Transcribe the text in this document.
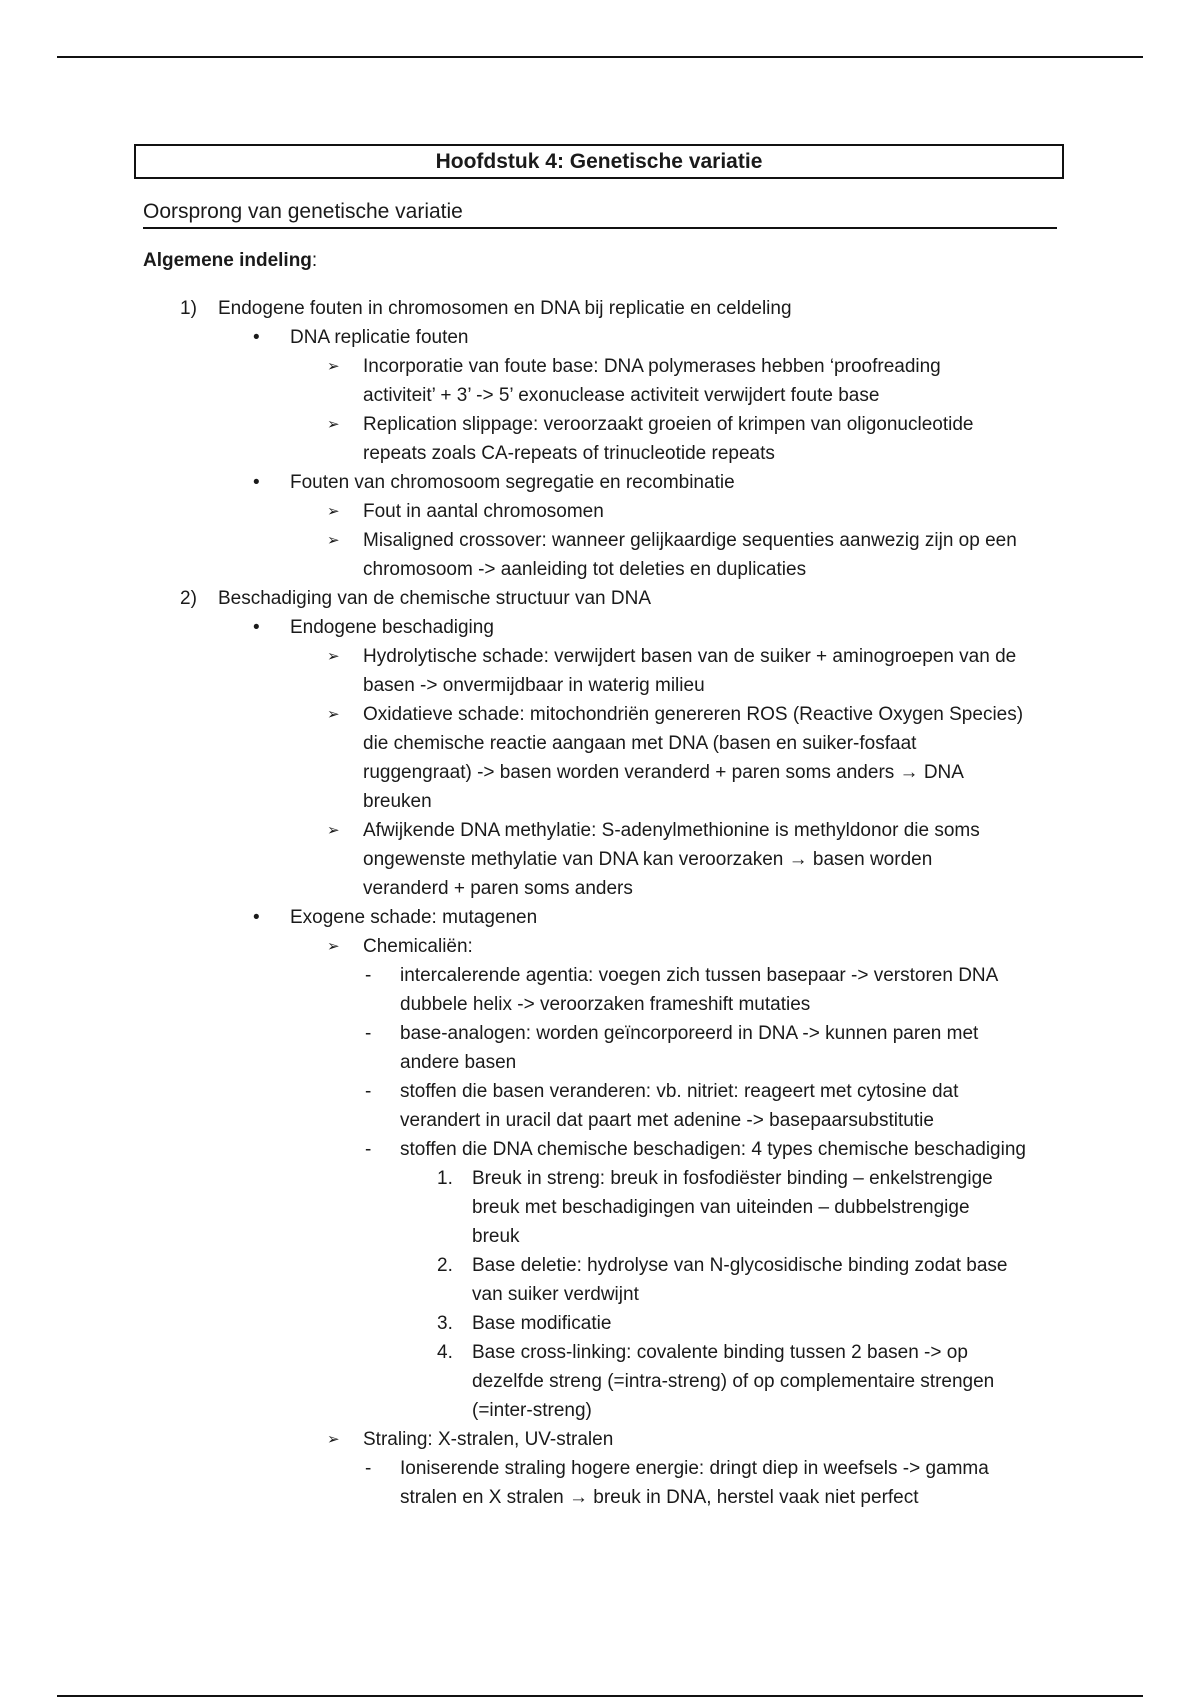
Hoofdstuk 4: Genetische variatie
Oorsprong van genetische variatie
Algemene indeling:
1) Endogene fouten in chromosomen en DNA bij replicatie en celdeling
• DNA replicatie fouten
➢ Incorporatie van foute base: DNA polymerases hebben ‘proofreading
activiteit’ + 3’ -> 5’ exonuclease activiteit verwijdert foute base
➢ Replication slippage: veroorzaakt groeien of krimpen van oligonucleotide
repeats zoals CA-repeats of trinucleotide repeats
• Fouten van chromosoom segregatie en recombinatie
➢ Fout in aantal chromosomen
➢ Misaligned crossover: wanneer gelijkaardige sequenties aanwezig zijn op een
chromosoom -> aanleiding tot deleties en duplicaties
2) Beschadiging van de chemische structuur van DNA
• Endogene beschadiging
➢ Hydrolytische schade: verwijdert basen van de suiker + aminogroepen van de
basen -> onvermijdbaar in waterig milieu
➢ Oxidatieve schade: mitochondriën genereren ROS (Reactive Oxygen Species)
die chemische reactie aangaan met DNA (basen en suiker-fosfaat
ruggengraat) -> basen worden veranderd + paren soms anders → DNA
breuken
➢ Afwijkende DNA methylatie: S-adenylmethionine is methyldonor die soms
ongewenste methylatie van DNA kan veroorzaken → basen worden
veranderd + paren soms anders
• Exogene schade: mutagenen
➢ Chemicaliën:
- intercalerende agentia: voegen zich tussen basepaar -> verstoren DNA
dubbele helix -> veroorzaken frameshift mutaties
- base-analogen: worden geïncorporeerd in DNA -> kunnen paren met
andere basen
- stoffen die basen veranderen: vb. nitriet: reageert met cytosine dat
verandert in uracil dat paart met adenine -> basepaarsubstitutie
- stoffen die DNA chemische beschadigen: 4 types chemische beschadiging
1. Breuk in streng: breuk in fosfodiëster binding – enkelstrengige
breuk met beschadigingen van uiteinden – dubbelstrengige
breuk
2. Base deletie: hydrolyse van N-glycosidische binding zodat base
van suiker verdwijnt
3. Base modificatie
4. Base cross-linking: covalente binding tussen 2 basen -> op
dezelfde streng (=intra-streng) of op complementaire strengen
(=inter-streng)
➢ Straling: X-stralen, UV-stralen
- Ioniserende straling hogere energie: dringt diep in weefsels -> gamma
stralen en X stralen → breuk in DNA, herstel vaak niet perfect
